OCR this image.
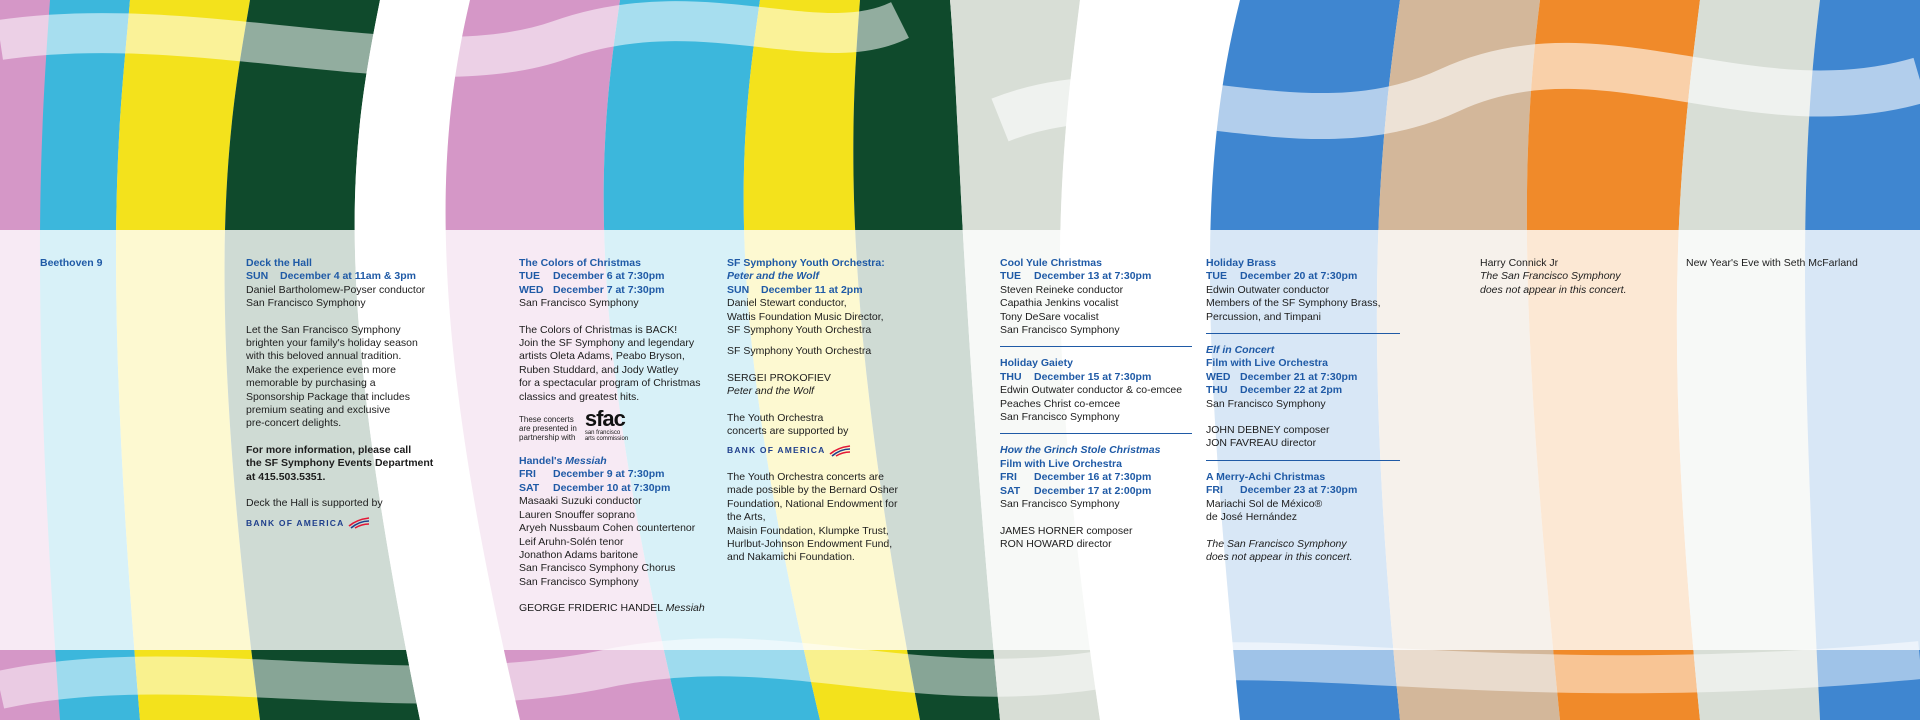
Beethoven 9	Deck the Hall
SUN December 4 at 11am & 3pm
Daniel Bartholomew-Poyser conductor
San Francisco Symphony
Let the San Francisco Symphony
brighten your family's holiday season
with this beloved annual tradition.
Make the experience even more
memorable by purchasing a
Sponsorship Package that includes
premium seating and exclusive
pre-concert delights.
For more information, please call
the SF Symphony Events Department
at 415.503.5351.
Deck the Hall is supported by
BANK OF AMERICA
The Colors of Christmas
TUE December 6 at 7:30pm
WED December 7 at 7:30pm
San Francisco Symphony
The Colors of Christmas is BACK!
Join the SF Symphony and legendary
artists Oleta Adams, Peabo Bryson,
Ruben Studdard, and Jody Watley
for a spectacular program of Christmas
classics and greatest hits.
These concerts
are presented in
partnership with
sfac
san francisco
arts commission
Handel's Messiah
FRI December 9 at 7:30pm
SAT December 10 at 7:30pm
Masaaki Suzuki conductor
Lauren Snouffer soprano
Aryeh Nussbaum Cohen countertenor
Leif Aruhn-Solén tenor
Jonathon Adams baritone
San Francisco Symphony Chorus
San Francisco Symphony
GEORGE FRIDERIC HANDEL Messiah
SF Symphony Youth Orchestra:
Peter and the Wolf
SUN December 11 at 2pm
Daniel Stewart conductor,
Wattis Foundation Music Director,
SF Symphony Youth Orchestra
SF Symphony Youth Orchestra
SERGEI PROKOFIEV
Peter and the Wolf
The Youth Orchestra
concerts are supported by
BANK OF AMERICA
The Youth Orchestra concerts are
made possible by the Bernard Osher
Foundation, National Endowment for
the Arts,
Maisin Foundation, Klumpke Trust,
Hurlbut-Johnson Endowment Fund,
and Nakamichi Foundation.
Cool Yule Christmas
TUE December 13 at 7:30pm
Steven Reineke conductor
Capathia Jenkins vocalist
Tony DeSare vocalist
San Francisco Symphony
Holiday Gaiety
THU December 15 at 7:30pm
Edwin Outwater conductor & co-emcee
Peaches Christ co-emcee
San Francisco Symphony
How the Grinch Stole Christmas
Film with Live Orchestra
FRI December 16 at 7:30pm
SAT December 17 at 2:00pm
San Francisco Symphony
JAMES HORNER composer
RON HOWARD director
Holiday Brass
TUE December 20 at 7:30pm
Edwin Outwater conductor
Members of the SF Symphony Brass,
Percussion, and Timpani
Elf in Concert
Film with Live Orchestra
WED December 21 at 7:30pm
THU December 22 at 2pm
San Francisco Symphony
JOHN DEBNEY composer
JON FAVREAU director
A Merry-Achi Christmas
FRI December 23 at 7:30pm
Mariachi Sol de México®
de José Hernández
The San Francisco Symphony
does not appear in this concert.
Harry Connick Jr
The San Francisco Symphony
does not appear in this concert.
New Year's Eve with Seth McFarland
